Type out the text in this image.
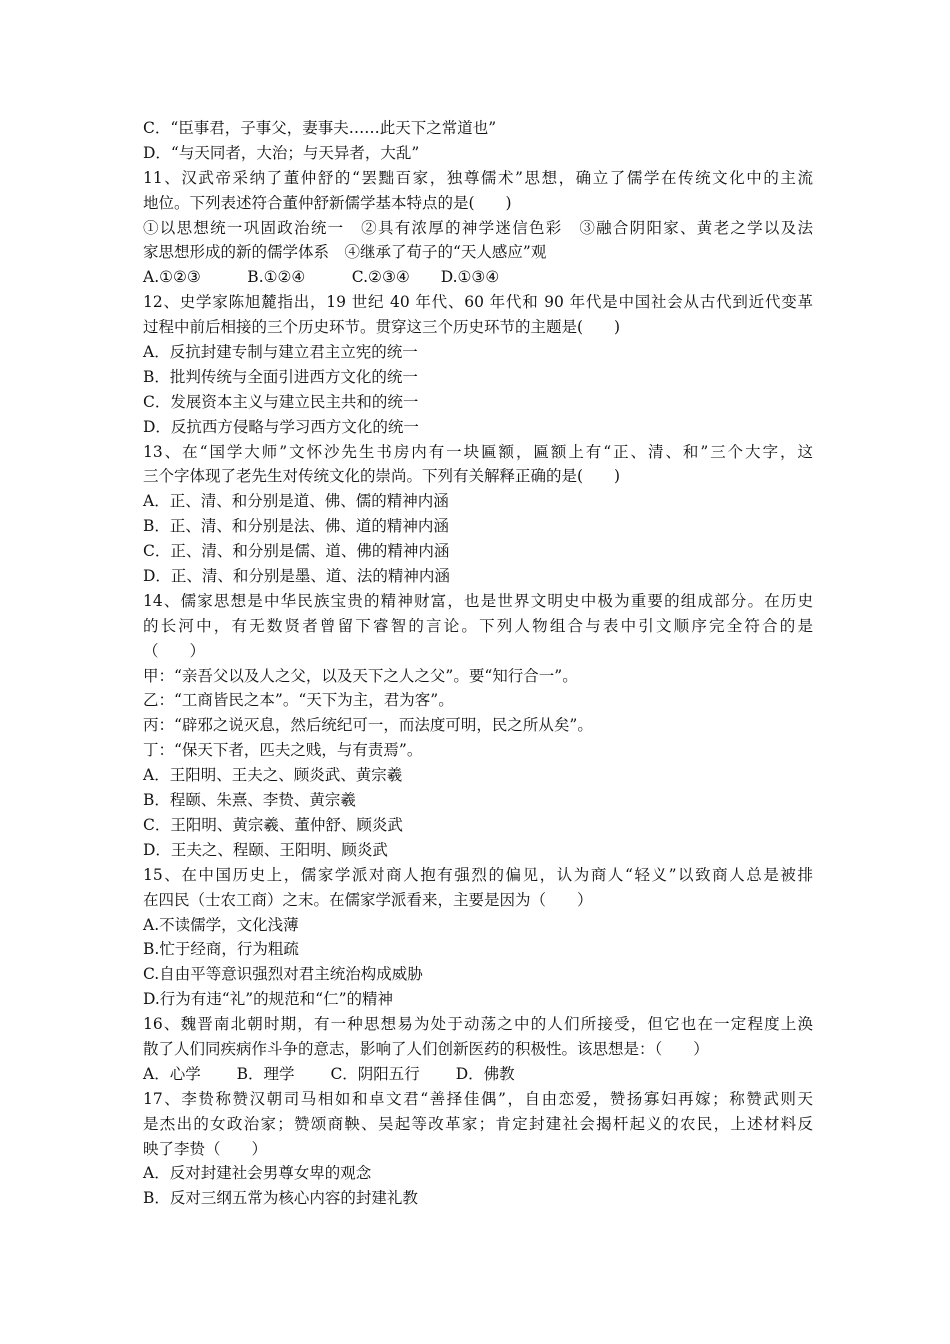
C．“臣事君，子事父，妻事夫……此天下之常道也”
D．“与天同者，大治；与天异者，大乱”
11、汉武帝采纳了董仲舒的“罢黜百家，独尊儒术”思想，确立了儒学在传统文化中的主流
地位。下列表述符合董仲舒新儒学基本特点的是(　　)
①以思想统一巩固政治统一　②具有浓厚的神学迷信色彩　③融合阴阳家、黄老之学以及法
家思想形成的新的儒学体系　④继承了荀子的“天人感应”观
A.①②③　　　B.①②④　　　C.②③④　　D.①③④
12、史学家陈旭麓指出，19 世纪 40 年代、60 年代和 90 年代是中国社会从古代到近代变革
过程中前后相接的三个历史环节。贯穿这三个历史环节的主题是(　　)
A．反抗封建专制与建立君主立宪的统一
B．批判传统与全面引进西方文化的统一
C．发展资本主义与建立民主共和的统一
D．反抗西方侵略与学习西方文化的统一
13、在“国学大师”文怀沙先生书房内有一块匾额，匾额上有“正、清、和”三个大字，这
三个字体现了老先生对传统文化的崇尚。下列有关解释正确的是(　　)
A．正、清、和分别是道、佛、儒的精神内涵
B．正、清、和分别是法、佛、道的精神内涵
C．正、清、和分别是儒、道、佛的精神内涵
D．正、清、和分别是墨、道、法的精神内涵
14、儒家思想是中华民族宝贵的精神财富，也是世界文明史中极为重要的组成部分。在历史
的长河中，有无数贤者曾留下睿智的言论。下列人物组合与表中引文顺序完全符合的是
（　　）
甲：“亲吾父以及人之父，以及天下之人之父”。要“知行合一”。
乙：“工商皆民之本”。“天下为主，君为客”。
丙：“辟邪之说灭息，然后统纪可一，而法度可明，民之所从矣”。
丁：“保天下者，匹夫之贱，与有责焉”。
A．王阳明、王夫之、顾炎武、黄宗羲
B．程颐、朱熹、李贽、黄宗羲
C．王阳明、黄宗羲、董仲舒、顾炎武
D．王夫之、程颐、王阳明、顾炎武
15、在中国历史上，儒家学派对商人抱有强烈的偏见，认为商人“轻义”以致商人总是被排
在四民（士农工商）之末。在儒家学派看来，主要是因为（　　）
A.不读儒学，文化浅薄
B.忙于经商，行为粗疏
C.自由平等意识强烈对君主统治构成威胁
D.行为有违“礼”的规范和“仁”的精神
16、魏晋南北朝时期，有一种思想易为处于动荡之中的人们所接受，但它也在一定程度上涣
散了人们同疾病作斗争的意志，影响了人们创新医药的积极性。该思想是：（　　）
A．心学　　 B．理学　　 C．阴阳五行　　 D．佛教
17、李贽称赞汉朝司马相如和卓文君“善择佳偶”，自由恋爱，赞扬寡妇再嫁；称赞武则天
是杰出的女政治家；赞颂商鞅、吴起等改革家；肯定封建社会揭杆起义的农民，上述材料反
映了李贽（　　）
A．反对封建社会男尊女卑的观念
B．反对三纲五常为核心内容的封建礼教
